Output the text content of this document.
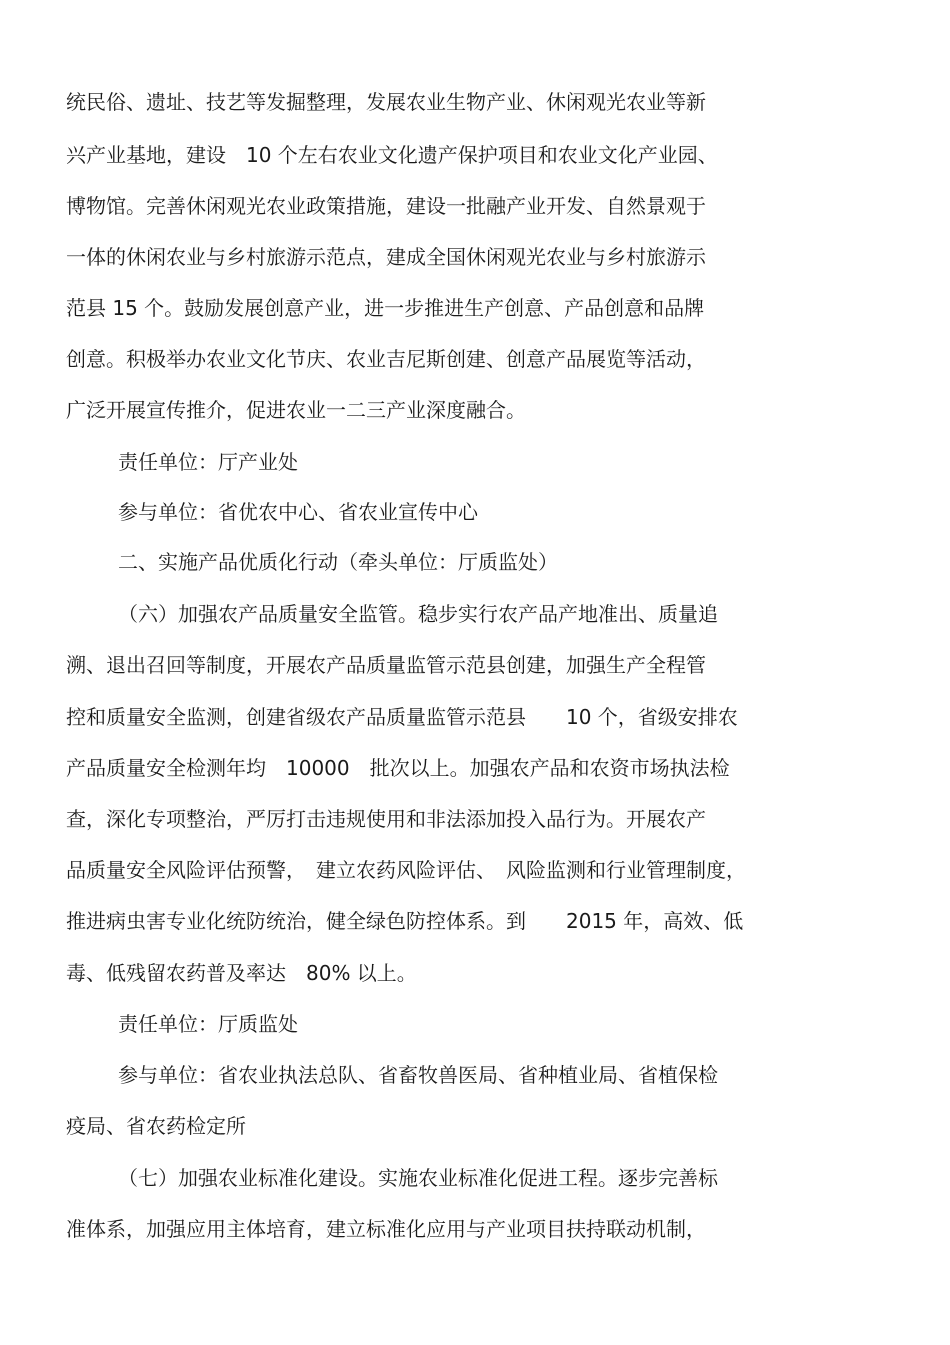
统民俗、遗址、技艺等发掘整理，发展农业生物产业、休闲观光农业等新
兴产业基地，建设　10 个左右农业文化遗产保护项目和农业文化产业园、
博物馆。完善休闲观光农业政策措施，建设一批融产业开发、自然景观于
一体的休闲农业与乡村旅游示范点，建成全国休闲观光农业与乡村旅游示
范县 15 个。鼓励发展创意产业，进一步推进生产创意、产品创意和品牌
创意。积极举办农业文化节庆、农业吉尼斯创建、创意产品展览等活动，
广泛开展宣传推介，促进农业一二三产业深度融合。
责任单位：厅产业处
参与单位：省优农中心、省农业宣传中心
二、实施产品优质化行动（牵头单位：厅质监处）
（六）加强农产品质量安全监管。稳步实行农产品产地准出、质量追
溯、退出召回等制度，开展农产品质量监管示范县创建，加强生产全程管
控和质量安全监测，创建省级农产品质量监管示范县　　10 个，省级安排农
产品质量安全检测年均　10000　批次以上。加强农产品和农资市场执法检
查，深化专项整治，严厉打击违规使用和非法添加投入品行为。开展农产
品质量安全风险评估预警，　建立农药风险评估、　风险监测和行业管理制度，
推进病虫害专业化统防统治，健全绿色防控体系。到　　2015 年，高效、低
毒、低残留农药普及率达　80% 以上。
责任单位：厅质监处
参与单位：省农业执法总队、省畜牧兽医局、省种植业局、省植保检
疫局、省农药检定所
（七）加强农业标准化建设。实施农业标准化促进工程。逐步完善标
准体系，加强应用主体培育，建立标准化应用与产业项目扶持联动机制，
